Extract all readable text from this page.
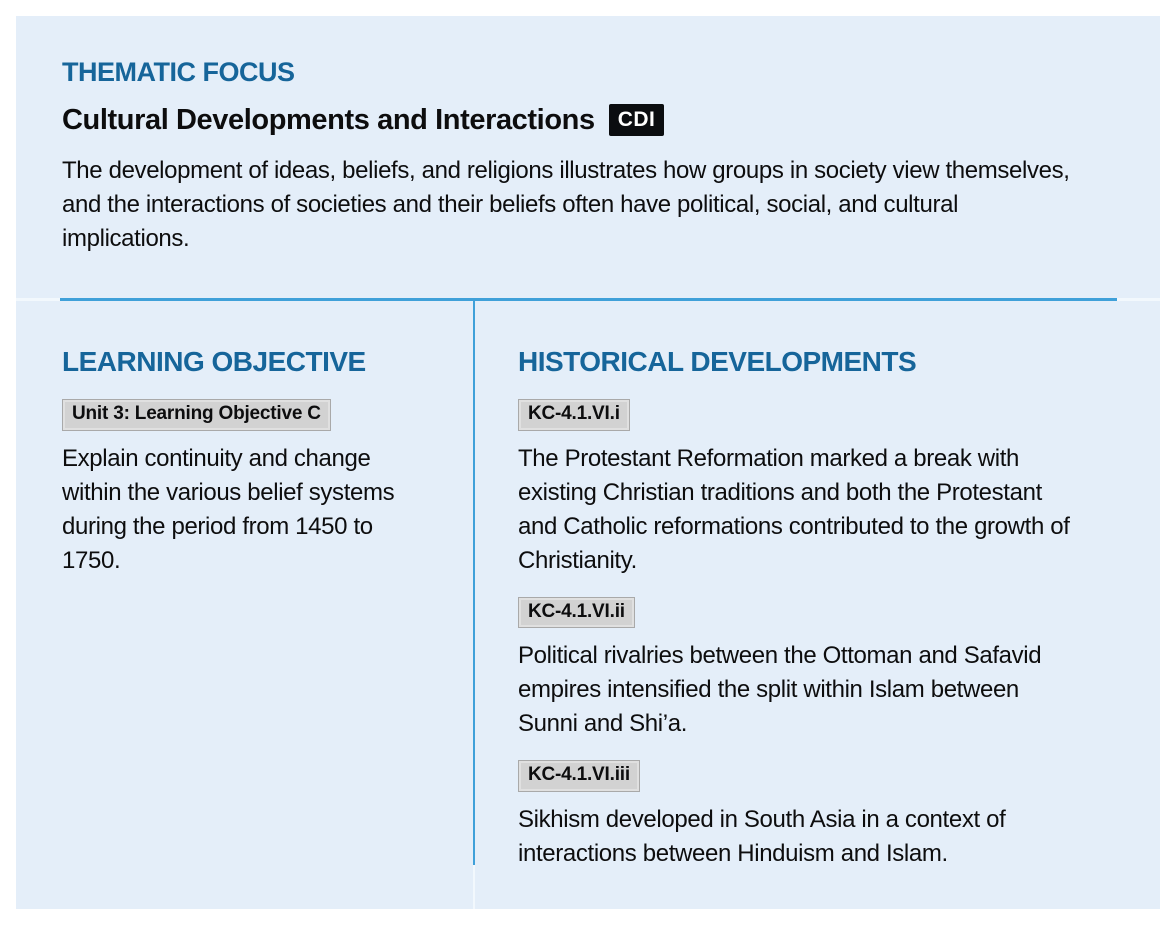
THEMATIC FOCUS
Cultural Developments and Interactions	CDI

The development of ideas, beliefs, and religions illustrates how groups in society view themselves, and the interactions of societies and their beliefs often have political, social, and cultural implications.

LEARNING OBJECTIVE
Unit 3: Learning Objective C

Explain continuity and change within the various belief systems during the period from 1450 to 1750.

HISTORICAL DEVELOPMENTS
KC-4.1.VI.i

The Protestant Reformation marked a break with existing Christian traditions and both the Protestant and Catholic reformations contributed to the growth of Christianity.

KC-4.1.VI.ii

Political rivalries between the Ottoman and Safavid empires intensified the split within Islam between Sunni and Shi’a.

KC-4.1.VI.iii

Sikhism developed in South Asia in a context of interactions between Hinduism and Islam.
